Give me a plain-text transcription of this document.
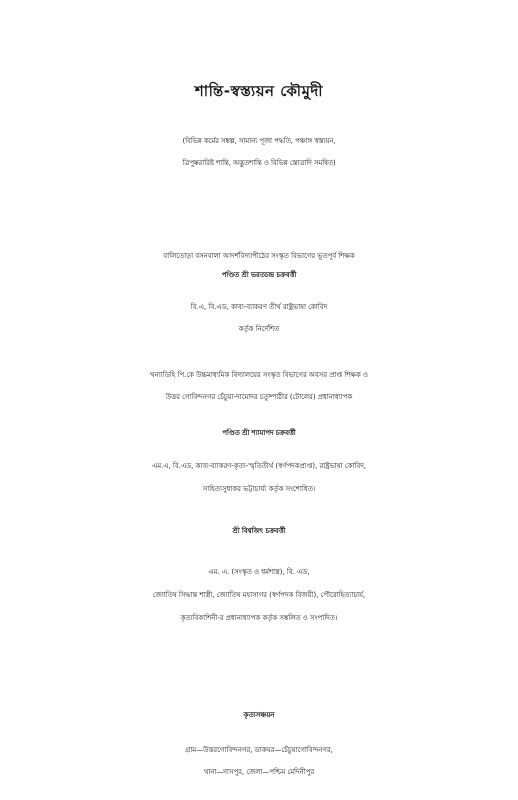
শান্তি-স্বস্ত্যয়ন কৌমুদী
(বিভিন্ন কর্মের সঙ্কল্প, সামান্য পূজা পদ্ধতি, পঞ্চাঙ্গ স্বস্ত্যয়ন,
ত্রিপুষ্করারিষ্ট শান্তি, অদ্ভুতশান্তি ও বিভিন্ন স্তোত্রাদি সমন্বিত)
বালিতোড়া বসনবালা আদর্শবিদ্যাপীঠের সংস্কৃত বিভাগের ভূতপূর্ব শিক্ষক
পণ্ডিত শ্রী ভরতচন্দ্র চক্রবর্ত্তী
বি.এ, বি.এড, কাব্য-ব্যাকরণ তীর্থ রাষ্ট্রভাষা কোবিদ
কর্তৃক নির্দেশিত
খন্যাডিহি পি.কে উচ্চমাধ্যমিক বিদ্যালয়ের সংস্কৃত বিভাগের অবসর প্রাপ্ত শিক্ষক ও
উত্তর গোবিন্দনগর চেঁচুয়া-দামোদর চতুষ্পাঠীর (টোলের) প্রধানাধ্যাপক
পণ্ডিত শ্রী শ্যামাপদ চক্রবর্ত্তী
এম.এ, বি.এড, কাব্য-ব্যাকরণ-কৃত্য-স্মৃতিতীর্থ (স্বর্ণপদকপ্রাপ্ত), রাষ্ট্রভাষা কোবিদ,
সাহিত্যসুধাকর ভট্টাচার্য্য কর্তৃক সংশোধিত।
শ্রী বিশ্বজিৎ চক্রবর্ত্তী
এম. এ. (সংস্কৃত ও ধর্মশাস্ত্র), বি. এড,
জ্যোতিষ সিদ্ধান্ত শাস্ত্রী, জ্যোতিষ মহাসাগর (স্বর্ণপদক বিজয়ী), পৌরোহিত্যাচার্য,
কৃত্যবিকাশিনী-র প্রধানাধ্যাপক কর্তৃক সঙ্কলিত ও সংপাদিত।
কৃত্যসঞ্চয়ন
গ্রাম—উত্তরগোবিন্দনগর, ডাকঘর—চেঁচুয়াগোবিন্দনগর,
থানা—দাসপুর, জেলা—পশ্চিম মেদিনীপুর
